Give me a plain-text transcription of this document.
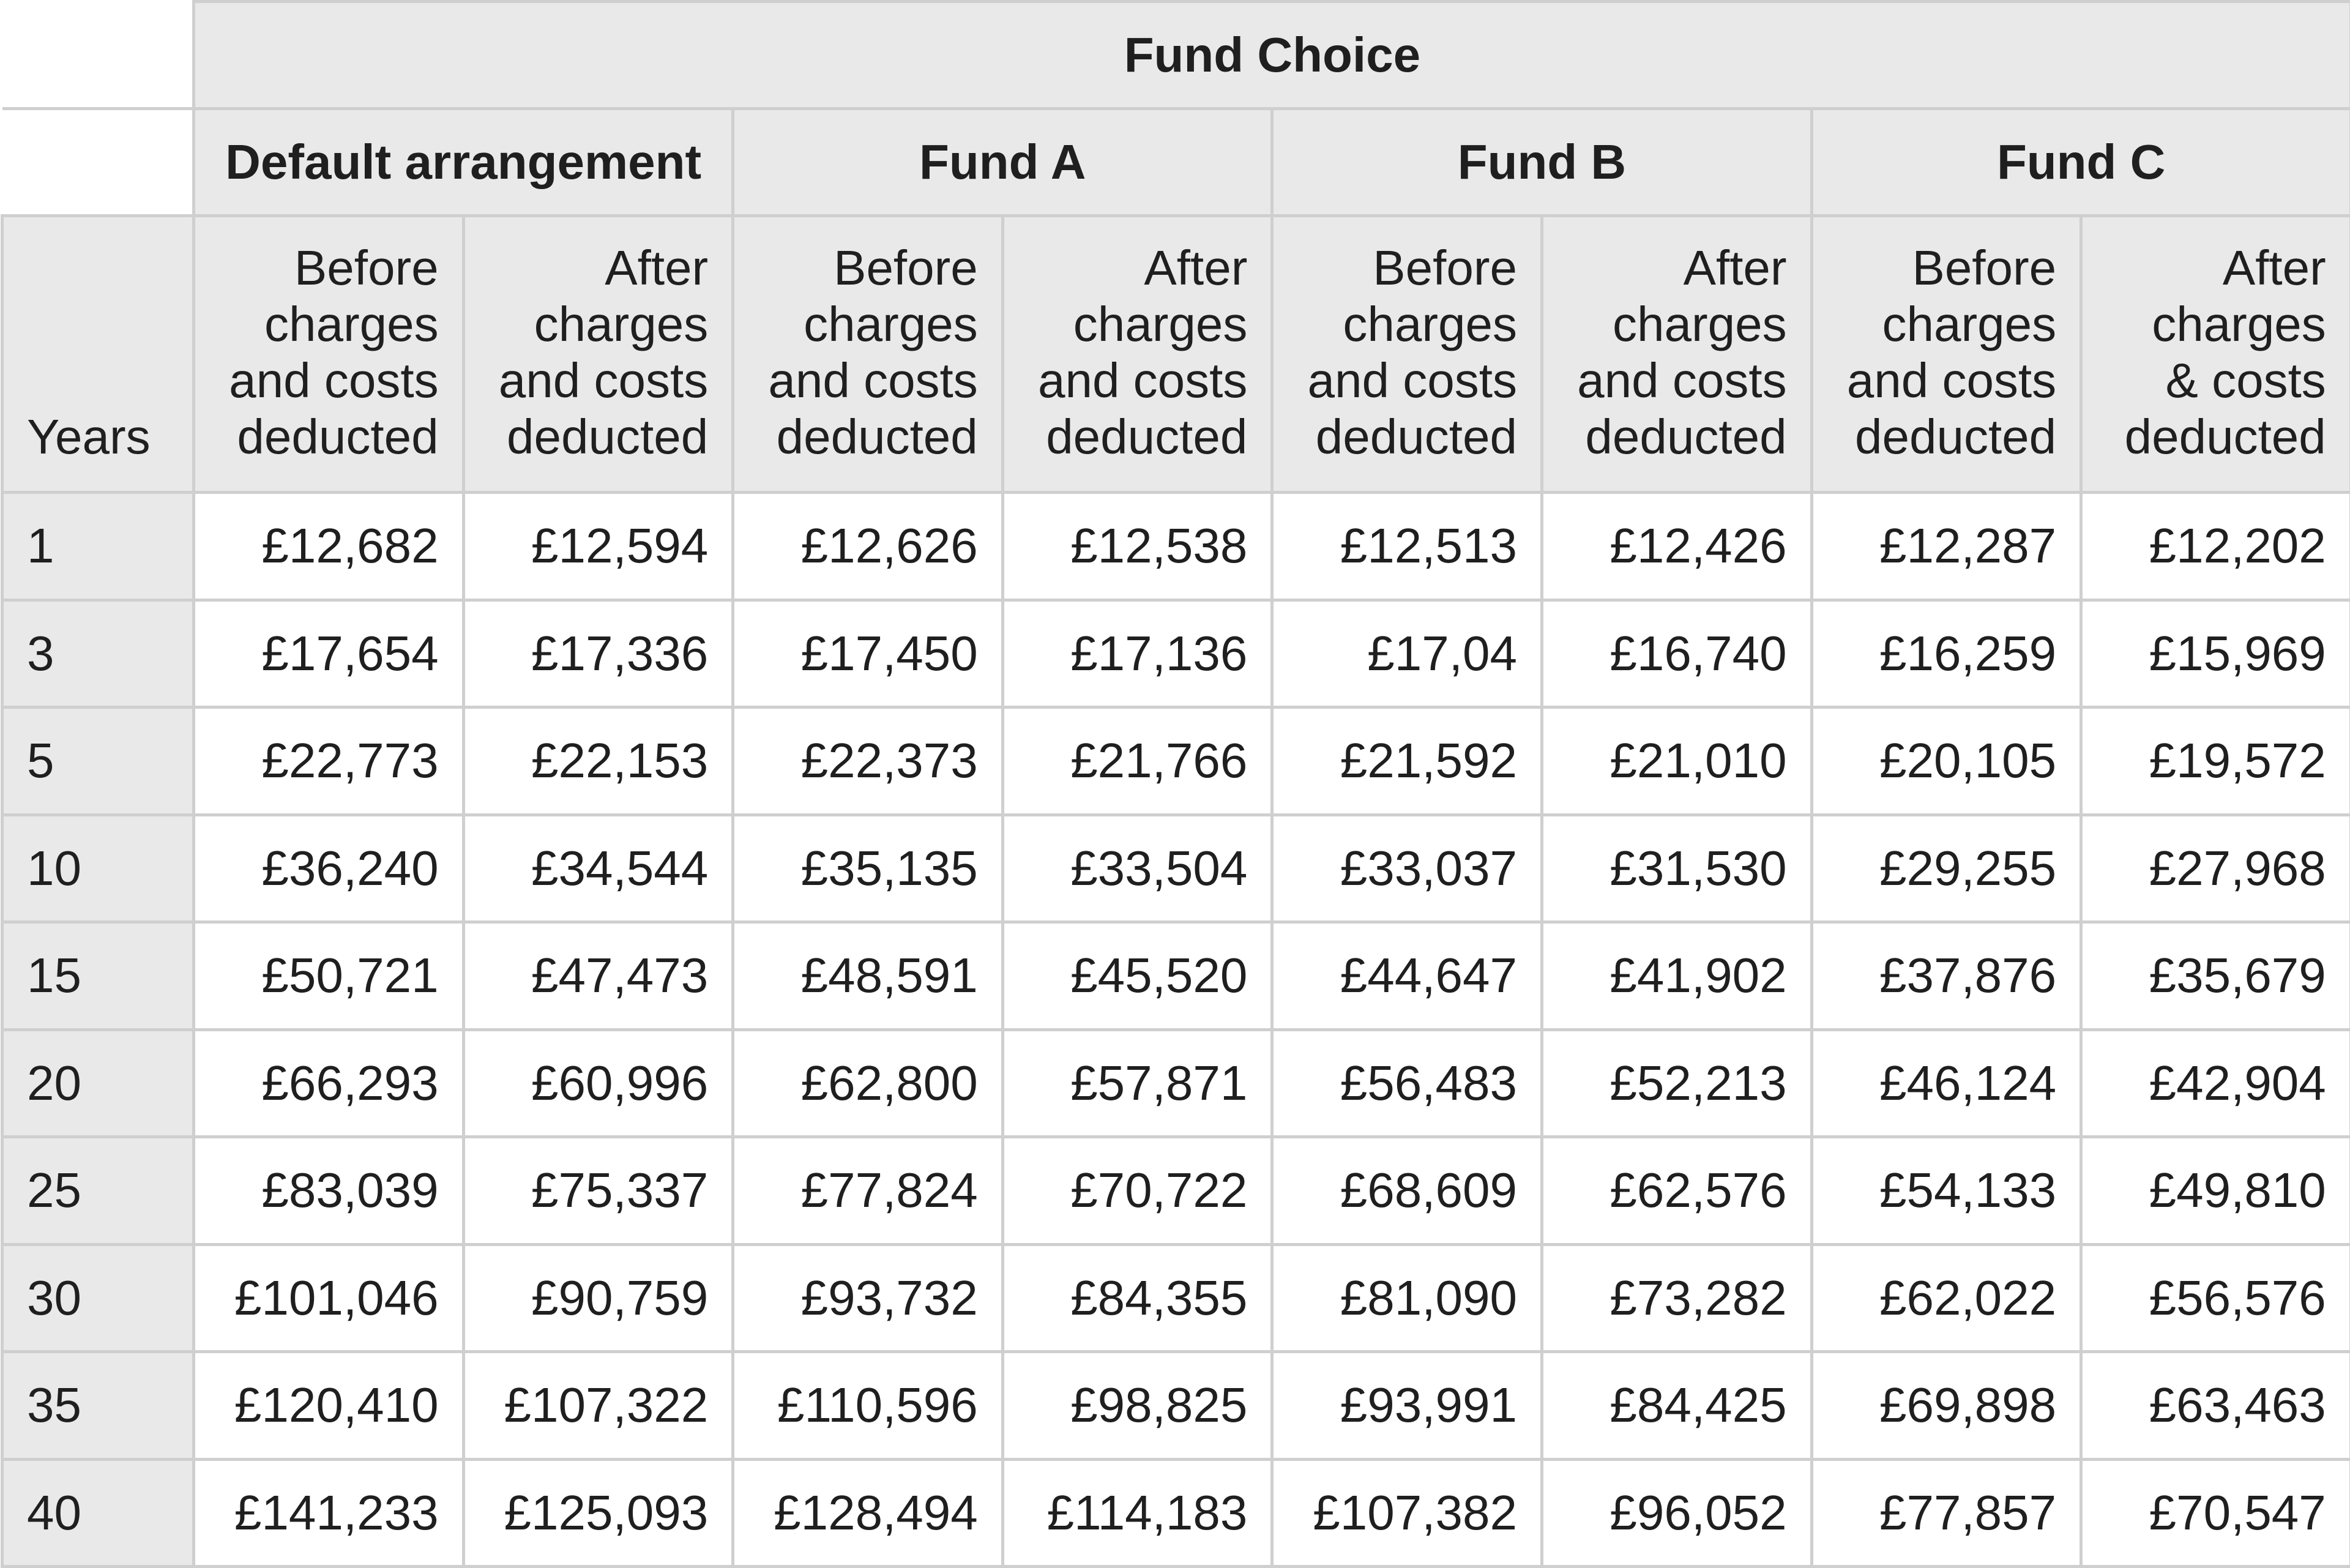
	Fund Choice							
	Default arrangement		Fund A		Fund B		Fund C	
Years	Before charges and costs deducted	After charges and costs deducted	Before charges and costs deducted	After charges and costs deducted	Before charges and costs deducted	After charges and costs deducted	Before charges and costs deducted	After charges & costs deducted
1	£12,682	£12,594	£12,626	£12,538	£12,513	£12,426	£12,287	£12,202
3	£17,654	£17,336	£17,450	£17,136	£17,04	£16,740	£16,259	£15,969
5	£22,773	£22,153	£22,373	£21,766	£21,592	£21,010	£20,105	£19,572
10	£36,240	£34,544	£35,135	£33,504	£33,037	£31,530	£29,255	£27,968
15	£50,721	£47,473	£48,591	£45,520	£44,647	£41,902	£37,876	£35,679
20	£66,293	£60,996	£62,800	£57,871	£56,483	£52,213	£46,124	£42,904
25	£83,039	£75,337	£77,824	£70,722	£68,609	£62,576	£54,133	£49,810
30	£101,046	£90,759	£93,732	£84,355	£81,090	£73,282	£62,022	£56,576
35	£120,410	£107,322	£110,596	£98,825	£93,991	£84,425	£69,898	£63,463
40	£141,233	£125,093	£128,494	£114,183	£107,382	£96,052	£77,857	£70,547
